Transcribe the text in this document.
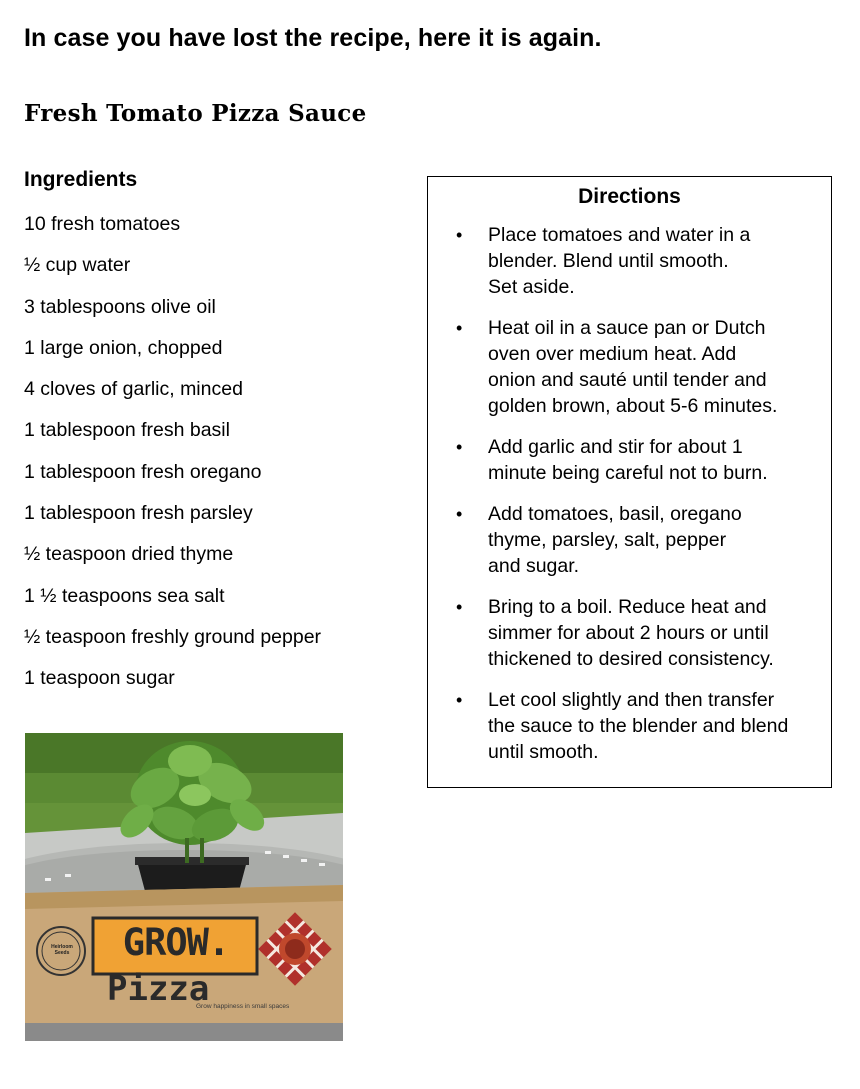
In case you have lost the recipe, here it is again.
Fresh Tomato Pizza Sauce
Ingredients
10 fresh tomatoes
½ cup water
3 tablespoons olive oil
1 large onion, chopped
4 cloves of garlic, minced
1 tablespoon fresh basil
1 tablespoon fresh oregano
1 tablespoon fresh parsley
½ teaspoon dried thyme
1 ½ teaspoons sea salt
½ teaspoon freshly ground pepper
1 teaspoon sugar
Directions
• Place tomatoes and water in a
blender. Blend until smooth.
Set aside.
• Heat oil in a sauce pan or Dutch
oven over medium heat. Add
onion and sauté until tender and
golden brown, about 5-6 minutes.
• Add garlic and stir for about 1
minute being careful not to burn.
• Add tomatoes, basil, oregano
thyme, parsley, salt, pepper
and sugar.
• Bring to a boil. Reduce heat and
simmer for about 2 hours or until
thickened to desired consistency.
• Let cool slightly and then transfer
the sauce to the blender and blend
until smooth.
GROW.
Pizza
Grow happiness in small spaces
Heirloom Seeds
